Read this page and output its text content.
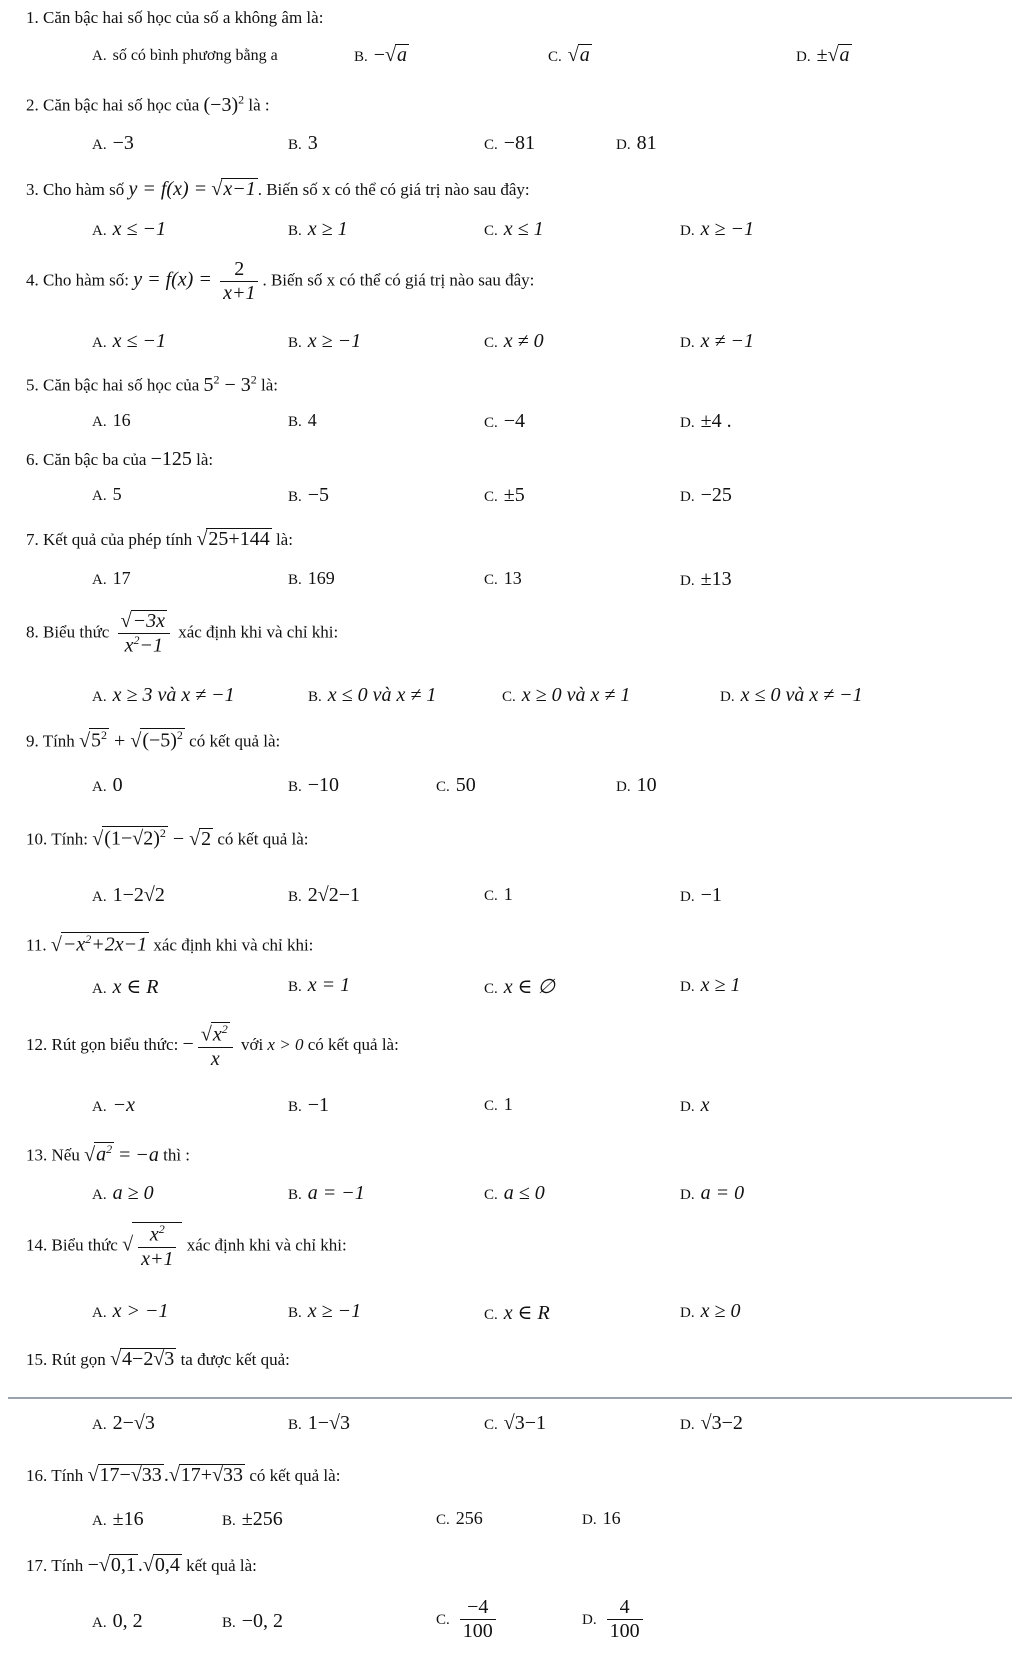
1. Căn bậc hai số học của số a không âm là:
A. số có bình phương bằng a	B. −√a	C. √a	D. ±√a
2. Căn bậc hai số học của $(-3)^2$ là :
A. −3	B. 3	C. −81	D. 81
3. Cho hàm số y = f(x) = √x−1 . Biến số x có thể có giá trị nào sau đây:
A. x ≤ −1	B. x ≥ 1	C. x ≤ 1	D. x ≥ −1
4. Cho hàm số: $y = f(x) = \frac{2}{x+1}$ . Biến số x có thể có giá trị nào sau đây:
A. x ≤ −1	B. x ≥ −1	C. x ≠ 0	D. x ≠ −1
5. Căn bậc hai số học của $5^2 - 3^2$ là:
A. 16	B. 4	C. −4	D. ±4 .
6. Căn bậc ba của −125 là:
A. 5	B. −5	C. ±5	D. −25
7. Kết quả của phép tính √25+144 là:
A. 17	B. 169	C. 13	D. ±13
8. Biểu thức $\frac{√-3x}{x^2-1}$ xác định khi và chỉ khi:
A. x ≥ 3 và x ≠ −1	B. x ≤ 0 và x ≠ 1	C. x ≥ 0 và x ≠ 1	D. x ≤ 0 và x ≠ −1
9. Tính $√5^2 + √(-5)^2$ có kết quả là:
A. 0	B. −10	C. 50	D. 10
10. Tính: $√(1-√2)^2 - √2$ có kết quả là:
A. 1−2√2	B. 2√2−1	C. 1	D. −1
11. $√-x^2+2x-1$ xác định khi và chỉ khi:
A. x ∈ R	B. x = 1	C. x ∈ ∅	D. x ≥ 1
12. Rút gọn biểu thức: − $\frac{√x^2}{x}$ với x > 0 có kết quả là:
A. −x	B. −1	C. 1	D. x
13. Nếu $√a^2 = -a$ thì :
A. a ≥ 0	B. a = −1	C. a ≤ 0	D. a = 0
14. Biểu thức √ $\frac{x^2}{x+1}$ xác định khi và chỉ khi:
A. x > −1	B. x ≥ −1	C. x ∈ R	D. x ≥ 0
15. Rút gọn √4−2√3 ta được kết quả:
A. 2−√3	B. 1−√3	C. √3−1	D. √3−2
16. Tính √17−√33 .√17+√33 có kết quả là:
A. ±16	B. ±256	C. 256	D. 16
17. Tính −√0,1 .√0,4 kết quả là:
A. 0, 2	B. −0, 2	C. $\frac{-4}{100}$	D. $\frac{4}{100}$
